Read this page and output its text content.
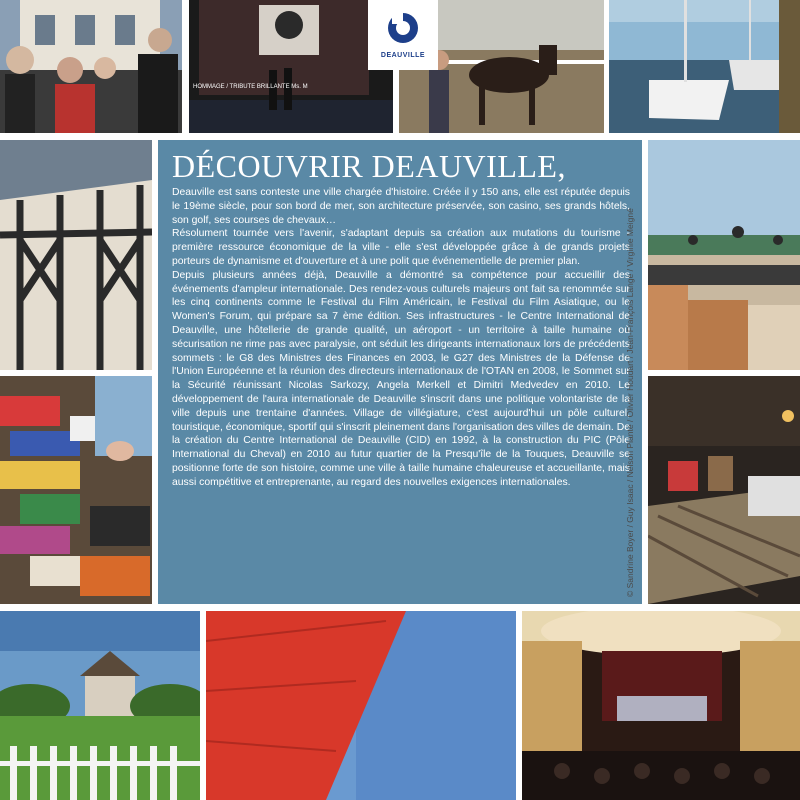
HOMMAGE / TRIBUTE BRILLANTE Ms. M
DEAUVILLE
DÉCOUVRIR DEAUVILLE,

Deauville est sans conteste une ville chargée d'histoire. Créée il y 150 ans, elle est réputée depuis le 19ème siècle, pour son bord de mer, son architecture préservée, son casino, ses grands hôtels, son golf, ses courses de chevaux…

Résolument tournée vers l'avenir, s'adaptant depuis sa création aux mutations du tourisme - première ressource économique de la ville - elle s'est développée grâce à de grands projets porteurs de dynamisme et d'ouverture et à une polit que événementielle de premier plan.

Depuis plusieurs années déjà, Deauville a démontré sa compétence pour accueillir des événements d'ampleur internationale. Des rendez-vous culturels majeurs ont fait sa renommée sur les cinq continents comme le Festival du Film Américain, le Festival du Film Asiatique, ou le Women's Forum, qui prépare sa 7 ème édition. Ses infrastructures - le Centre International de Deauville, une hôtellerie de grande qualité, un aéroport - un territoire à taille humaine où sécurisation ne rime pas avec paralysie, ont séduit les dirigeants internationaux lors de précédents sommets : le G8 des Ministres des Finances en 2003, le G27 des Ministres de la Défense de l'Union Européenne et la réunion des directeurs internationaux de l'OTAN en 2008, le Sommet sur la Sécurité réunissant Nicolas Sarkozy, Angela Merkell et Dimitri Medvedev en 2010. Le développement de l'aura internationale de Deauville s'inscrit dans une politique volontariste de la ville depuis une trentaine d'années. Village de villégiature, c'est aujourd'hui un pôle culturel, touristique, économique, sportif qui s'inscrit pleinement dans l'organisation des villes de demain. De la création du Centre International de Deauville (CID) en 1992, à la construction du PIC (Pôle International du Cheval) en 2010 au futur quartier de la Presqu'île de la Touques, Deauville se positionne forte de son histoire, comme une ville à taille humaine chaleureuse et accueillante, mais aussi compétitive et entreprenante, au regard des nouvelles exigences internationales.	© Sandrine Boyer / Guy Isaac / Nelson Plante / Olivier Houdart / Jean-François Lange / Virginie Meigné
